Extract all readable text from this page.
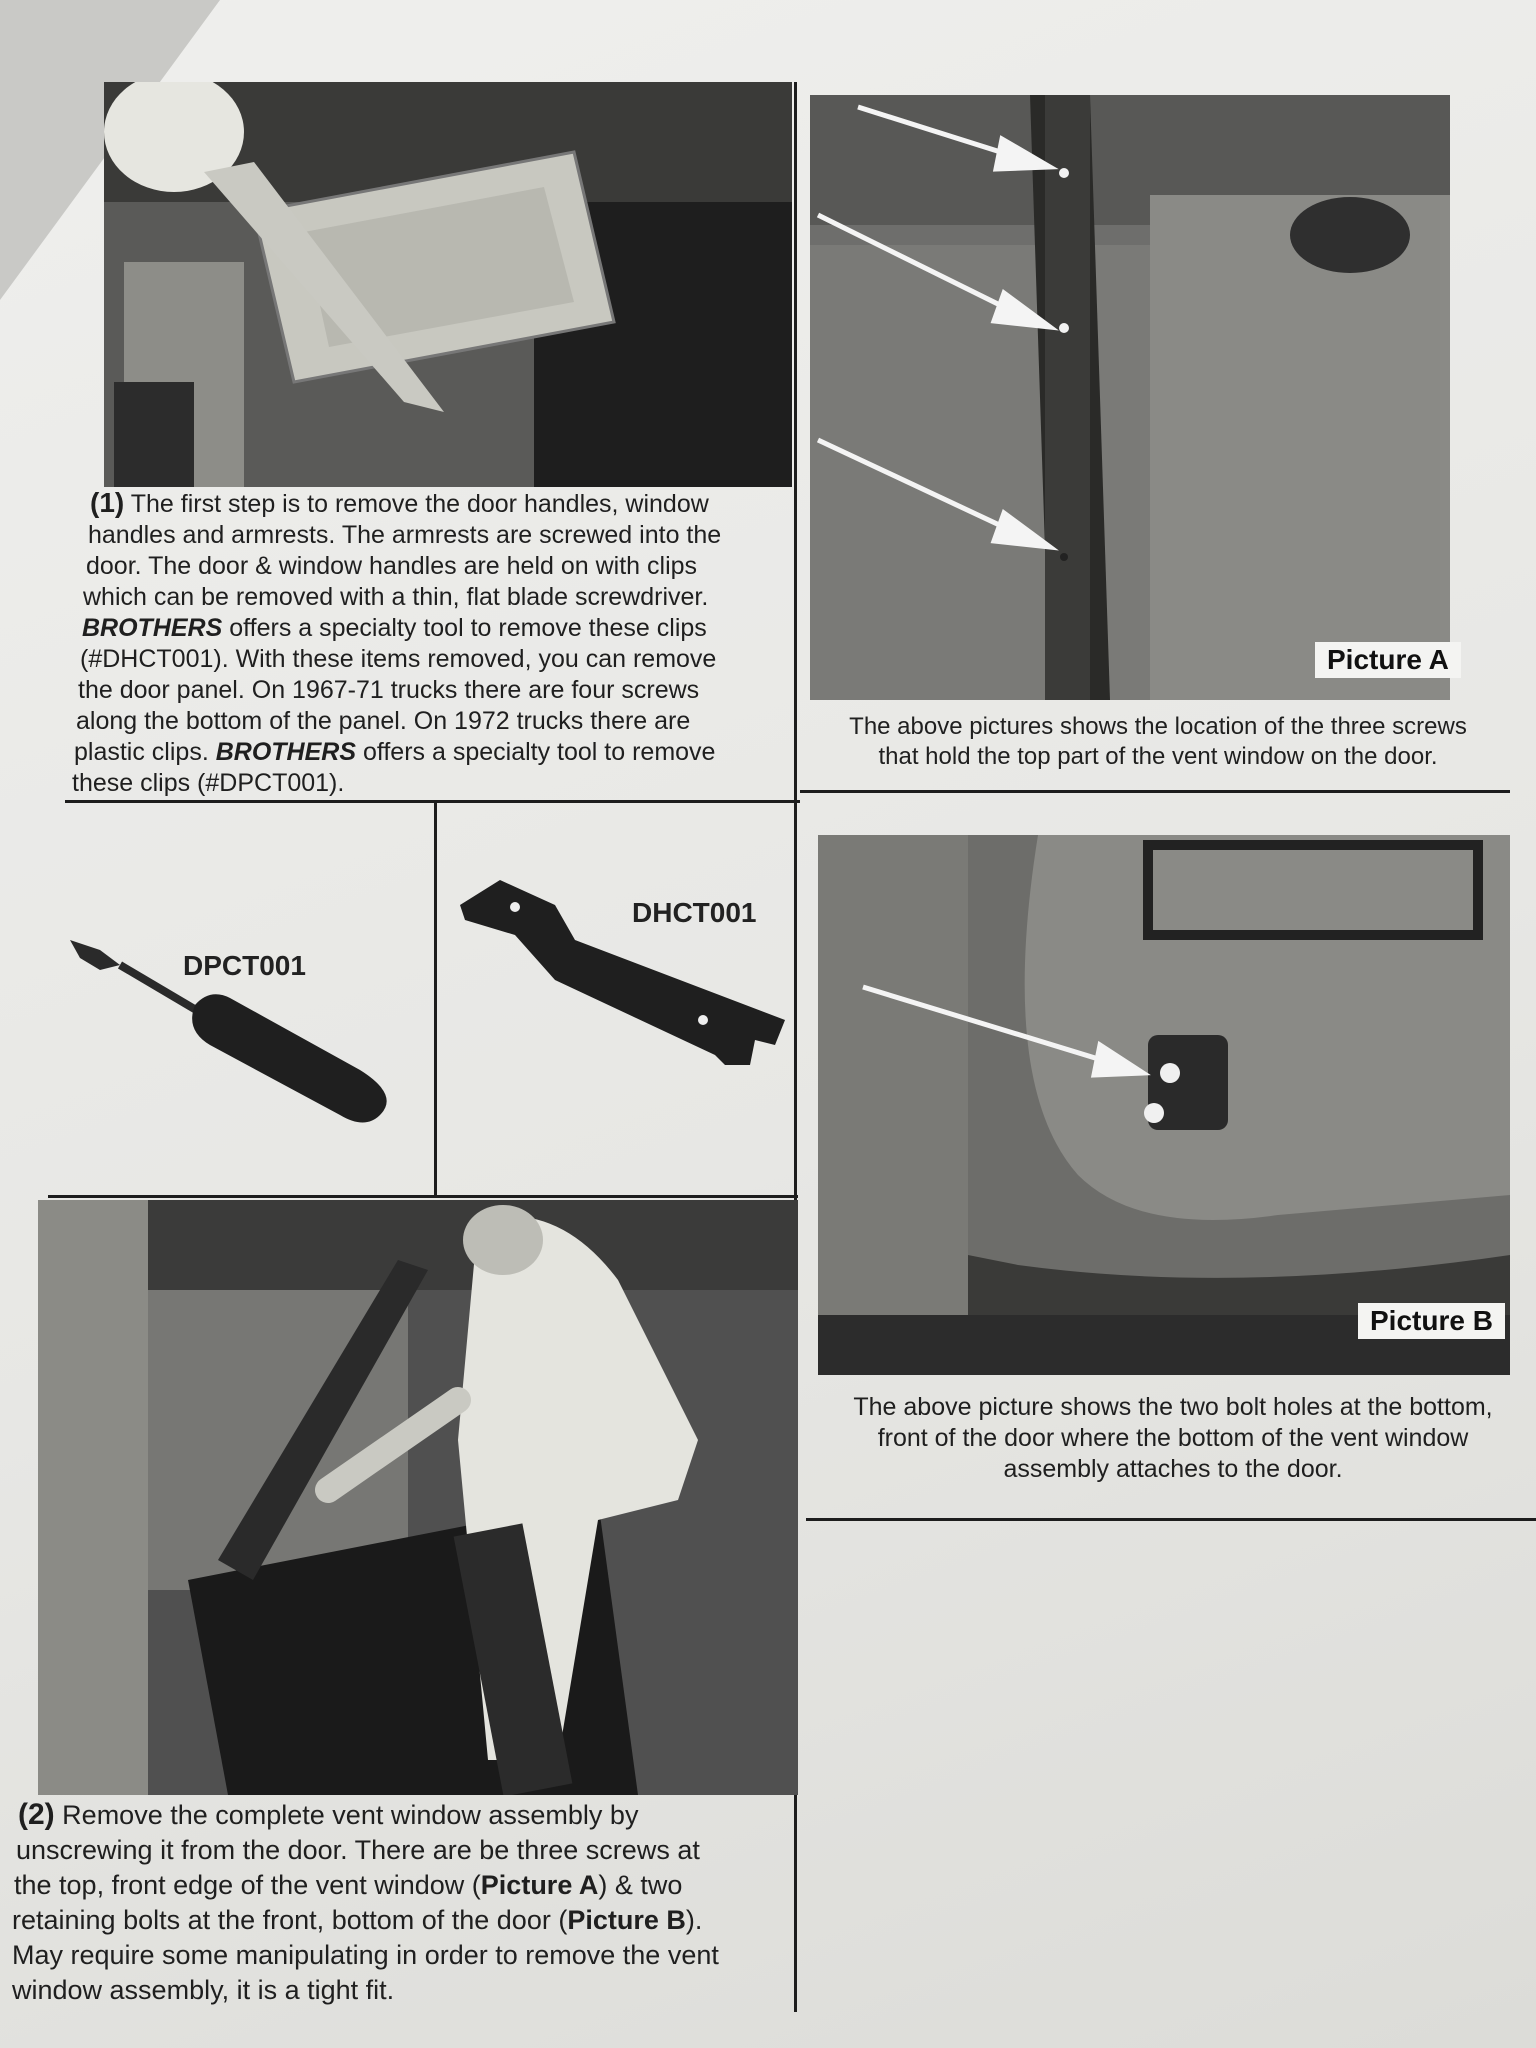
(1) The first step is to remove the door handles, window
handles and armrests. The armrests are screwed into the
door. The door & window handles are held on with clips
which can be removed with a thin, flat blade screwdriver.
BROTHERS offers a specialty tool to remove these clips
(#DHCT001). With these items removed, you can remove
the door panel. On 1967-71 trucks there are four screws
along the bottom of the panel. On 1972 trucks there are
plastic clips. BROTHERS offers a specialty tool to remove
these clips (#DPCT001).
Picture A
The above pictures shows the location of the three screws
that hold the top part of the vent window on the door.
DPCT001
DHCT001
Picture B
The above picture shows the two bolt holes at the bottom,
front of the door where the bottom of the vent window
assembly attaches to the door.
(2) Remove the complete vent window assembly by
unscrewing it from the door. There are be three screws at
the top, front edge of the vent window (Picture A) & two
retaining bolts at the front, bottom of the door (Picture B).
May require some manipulating in order to remove the vent
window assembly, it is a tight fit.
